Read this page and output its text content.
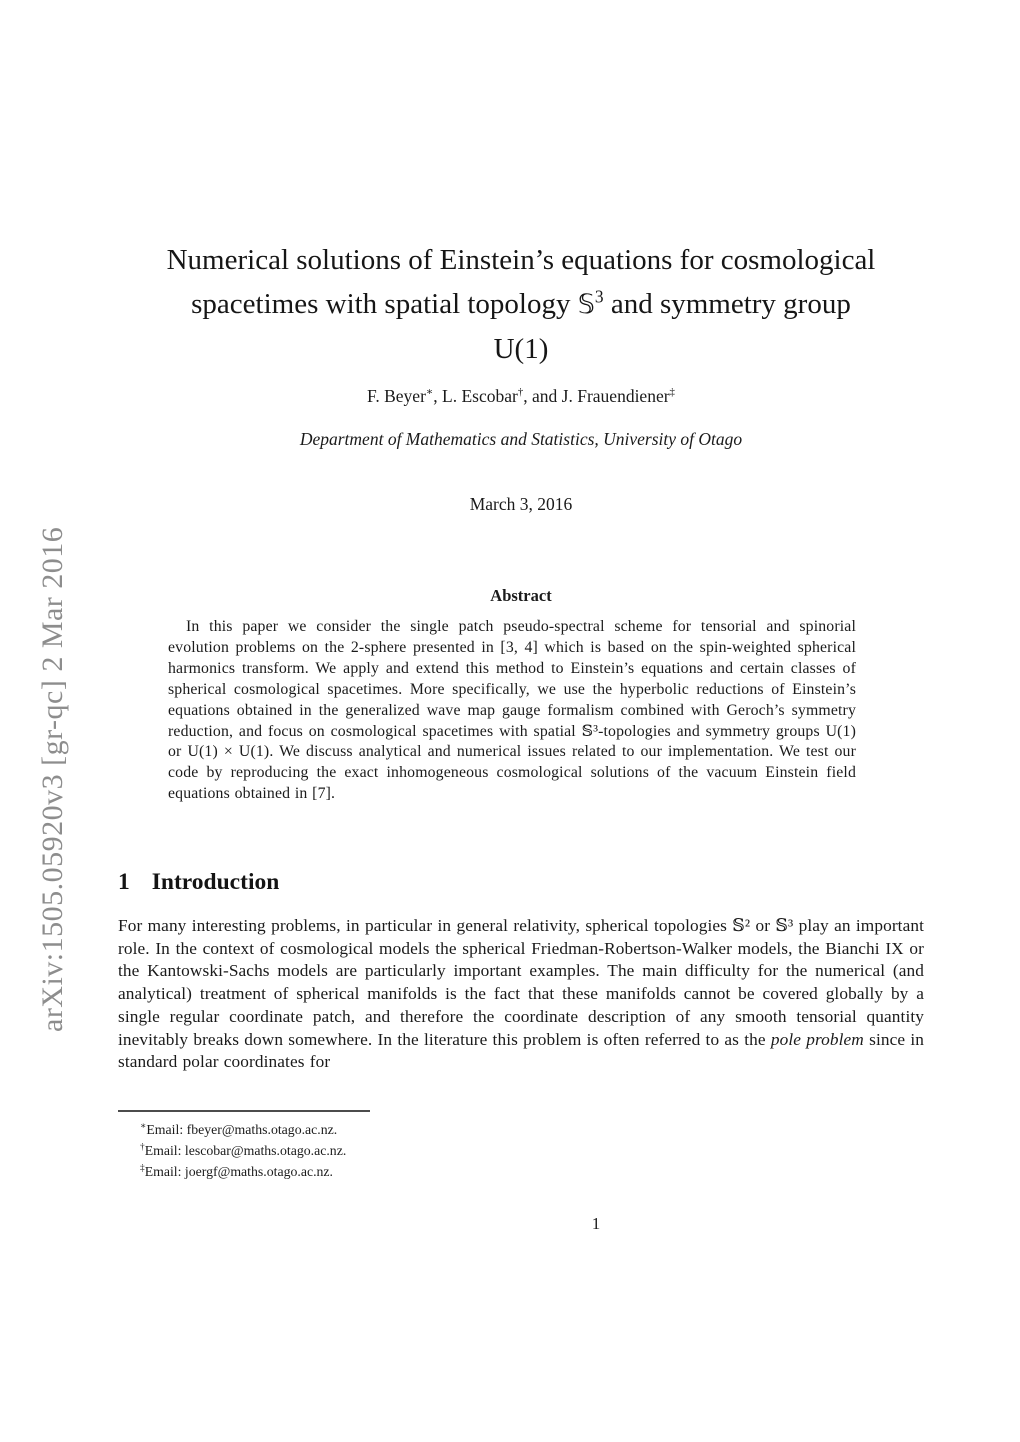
arXiv:1505.05920v3 [gr-qc] 2 Mar 2016
Numerical solutions of Einstein’s equations for cosmological
spacetimes with spatial topology 𝕊$^3$ and symmetry group
U(1)
F. Beyer∗, L. Escobar†, and J. Frauendiener‡
Department of Mathematics and Statistics, University of Otago
March 3, 2016
Abstract
In this paper we consider the single patch pseudo-spectral scheme for tensorial and spinorial evolution problems on the 2-sphere presented in [3, 4] which is based on the spin-weighted spherical harmonics transform. We apply and extend this method to Einstein’s equations and certain classes of spherical cosmological spacetimes. More specifically, we use the hyperbolic reductions of Einstein’s equations obtained in the generalized wave map gauge formalism combined with Geroch’s symmetry reduction, and focus on cosmological spacetimes with spatial 𝕊³-topologies and symmetry groups U(1) or U(1) × U(1). We discuss analytical and numerical issues related to our implementation. We test our code by reproducing the exact inhomogeneous cosmological solutions of the vacuum Einstein field equations obtained in [7].
1 Introduction
For many interesting problems, in particular in general relativity, spherical topologies 𝕊² or 𝕊³ play an important role. In the context of cosmological models the spherical Friedman-Robertson-Walker models, the Bianchi IX or the Kantowski-Sachs models are particularly important examples. The main difficulty for the numerical (and analytical) treatment of spherical manifolds is the fact that these manifolds cannot be covered globally by a single regular coordinate patch, and therefore the coordinate description of any smooth tensorial quantity inevitably breaks down somewhere. In the literature this problem is often referred to as the pole problem since in standard polar coordinates for
∗Email: fbeyer@maths.otago.ac.nz.
†Email: lescobar@maths.otago.ac.nz.
‡Email: joergf@maths.otago.ac.nz.
1
